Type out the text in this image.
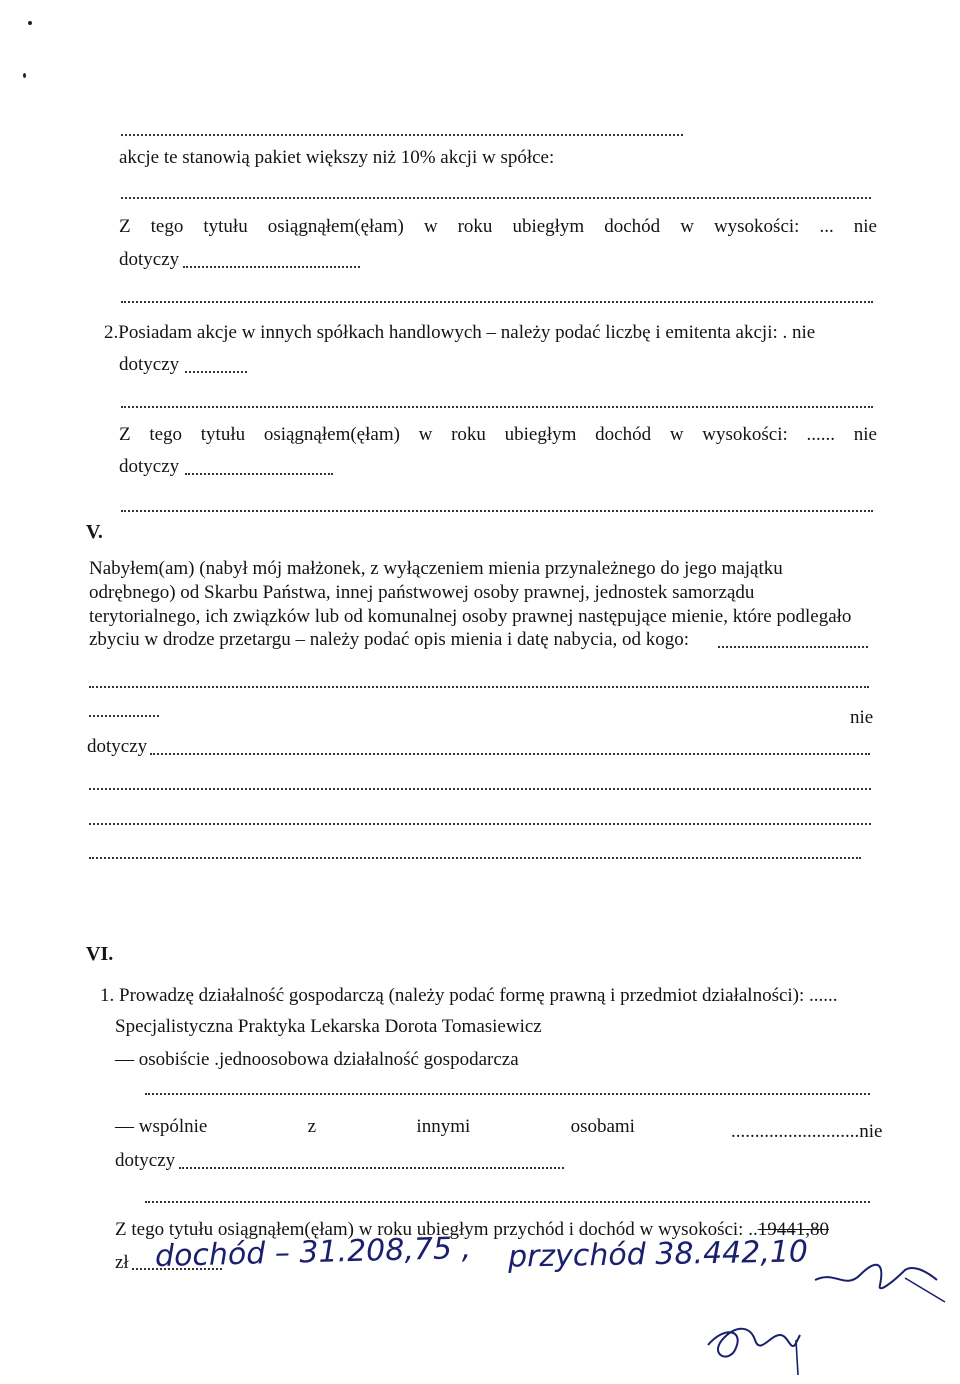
akcje te stanowią pakiet większy niż 10% akcji w spółce:
Z tego tytułu osiągnąłem(ęłam) w roku ubiegłym dochód w wysokości: ... nie
dotyczy
2.Posiadam akcje w innych spółkach handlowych – należy podać liczbę i emitenta akcji: . nie
dotyczy
Z tego tytułu osiągnąłem(ęłam) w roku ubiegłym dochód w wysokości: ...... nie
dotyczy
V.
Nabyłem(am) (nabył mój małżonek, z wyłączeniem mienia przynależnego do jego majątku
odrębnego) od Skarbu Państwa, innej państwowej osoby prawnej, jednostek samorządu
terytorialnego, ich związków lub od komunalnej osoby prawnej następujące mienie, które podlegało
zbyciu w drodze przetargu – należy podać opis mienia i datę nabycia, od kogo:
nie
dotyczy
VI.
1. Prowadzę działalność gospodarczą (należy podać formę prawną i przedmiot działalności): ......
Specjalistyczna Praktyka Lekarska Dorota Tomasiewicz
— osobiście .jednoosobowa działalność gospodarcza
— wspólnie	z	innymi	osobami	...........................nie
dotyczy
Z tego tytułu osiągnąłem(ęłam) w roku ubiegłym przychód i dochód w wysokości: ..19441,80
zł dochód – 31.208,75 , przychód 38.442,10
